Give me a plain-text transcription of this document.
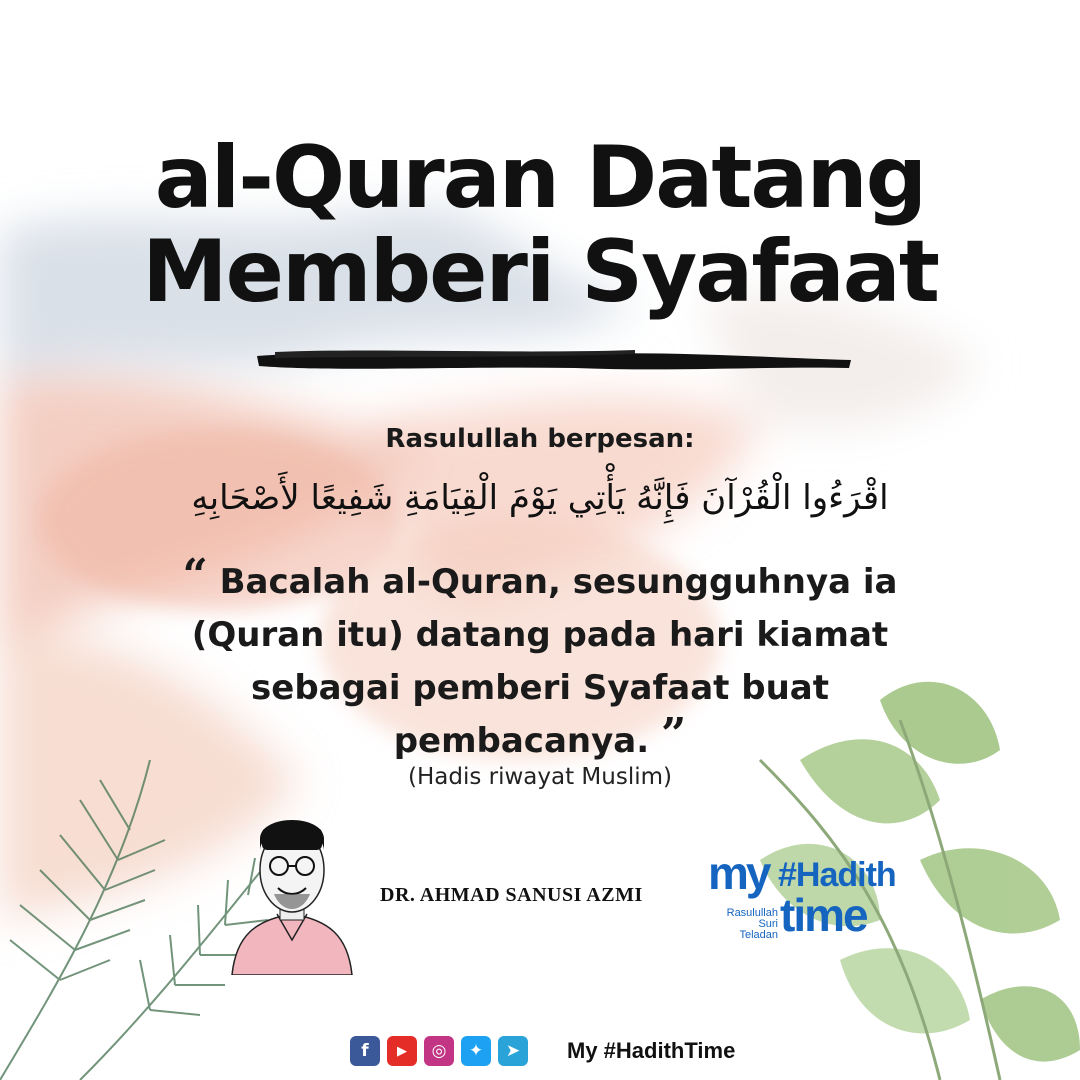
al-Quran Datang
Memberi Syafaat
Rasulullah berpesan:
اقْرَءُوا الْقُرْآنَ فَإِنَّهُ يَأْتِي يَوْمَ الْقِيَامَةِ شَفِيعًا لأَصْحَابِهِ
“ Bacalah al-Quran, sesungguhnya ia
(Quran itu) datang pada hari kiamat
sebagai pemberi Syafaat buat
pembacanya. ”
(Hadis riwayat Muslim)
DR. AHMAD SANUSI AZMI my #Hadith
time
Rasulullah
Suri
Teladan
f	▶	◎	✦	➤	My #HadithTime
